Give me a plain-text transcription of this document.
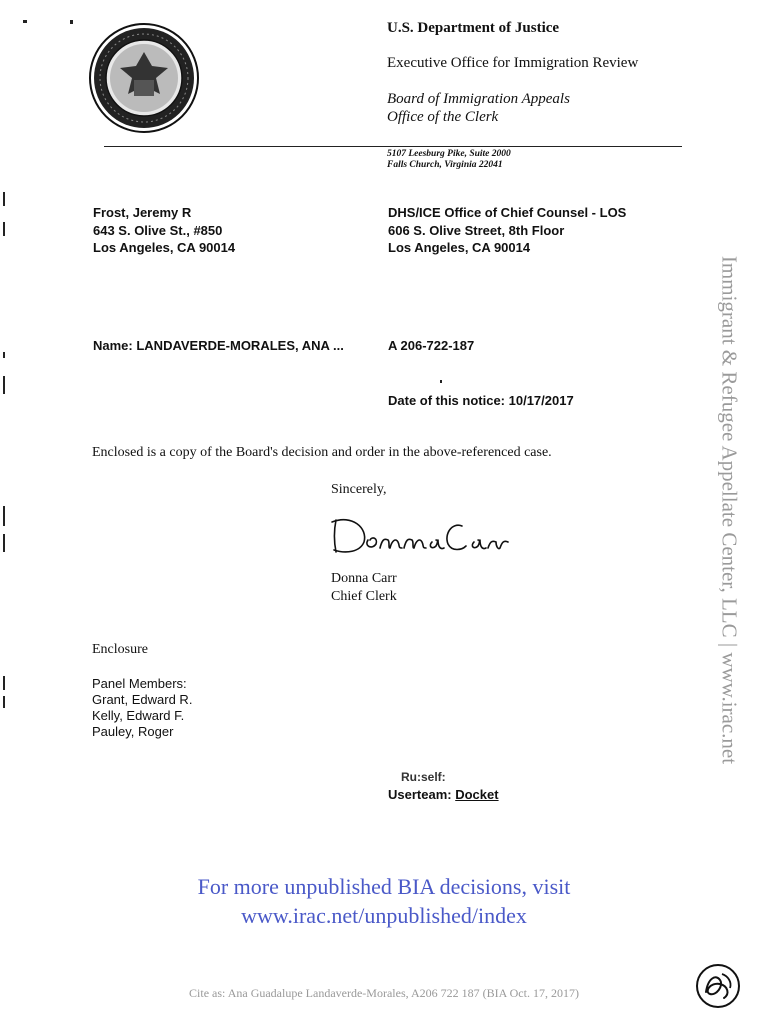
U.S. Department of Justice
Executive Office for Immigration Review
Board of Immigration Appeals
Office of the Clerk
5107 Leesburg Pike, Suite 2000
Falls Church, Virginia 22041
Frost, Jeremy R
643 S. Olive St., #850
Los Angeles, CA 90014
DHS/ICE Office of Chief Counsel - LOS
606 S. Olive Street, 8th Floor
Los Angeles, CA 90014
Name: LANDAVERDE-MORALES, ANA ...	A 206-722-187
Date of this notice: 10/17/2017
Enclosed is a copy of the Board's decision and order in the above-referenced case.
Sincerely,
Donna Carr
Chief Clerk
Enclosure
Panel Members:
Grant, Edward R.
Kelly, Edward F.
Pauley, Roger
Ru:self:
Userteam: Docket
For more unpublished BIA decisions, visit
www.irac.net/unpublished/index
Cite as: Ana Guadalupe Landaverde-Morales, A206 722 187 (BIA Oct. 17, 2017)
Immigrant & Refugee Appellate Center, LLC | www.irac.net
